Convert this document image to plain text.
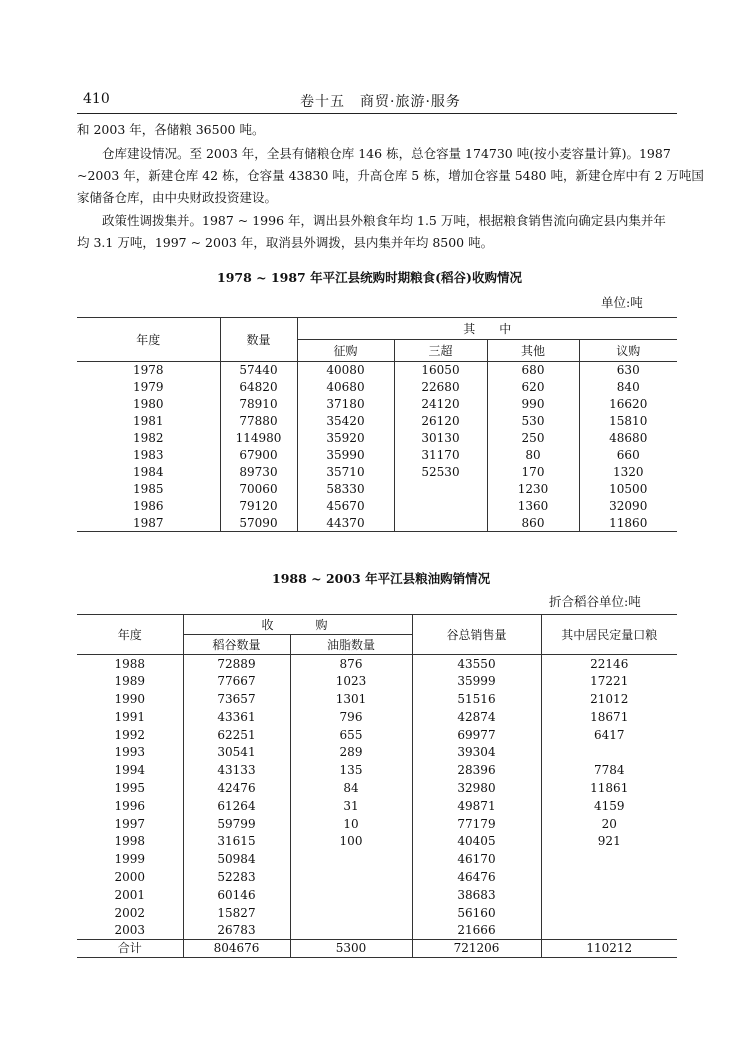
410	卷十五　商贸·旅游·服务
和 2003 年，各储粮 36500 吨。
仓库建设情况。至 2003 年，全县有储粮仓库 146 栋，总仓容量 174730 吨(按小麦容量计算)。1987
~2003 年，新建仓库 42 栋，仓容量 43830 吨，升高仓库 5 栋，增加仓容量 5480 吨，新建仓库中有 2 万吨国
家储备仓库，由中央财政投资建设。
政策性调拨集并。1987 ~ 1996 年，调出县外粮食年均 1.5 万吨，根据粮食销售流向确定县内集并年
均 3.1 万吨，1997 ~ 2003 年，取消县外调拨，县内集并年均 8500 吨。
1978 ~ 1987 年平江县统购时期粮食(稻谷)收购情况
单位:吨
年度	数量	其　　中			
		征购	三超	其他	议购
1978	57440	40080	16050	680	630
1979	64820	40680	22680	620	840
1980	78910	37180	24120	990	16620
1981	77880	35420	26120	530	15810
1982	114980	35920	30130	250	48680
1983	67900	35990	31170	80	660
1984	89730	35710	52530	170	1320
1985	70060	58330		1230	10500
1986	79120	45670		1360	32090
1987	57090	44370		860	11860
1988 ~ 2003 年平江县粮油购销情况
折合稻谷单位:吨
年度	收　　购		谷总销售量	其中居民定量口粮
	稻谷数量	油脂数量		
1988	72889	876	43550	22146
1989	77667	1023	35999	17221
1990	73657	1301	51516	21012
1991	43361	796	42874	18671
1992	62251	655	69977	6417
1993	30541	289	39304	
1994	43133	135	28396	7784
1995	42476	84	32980	11861
1996	61264	31	49871	4159
1997	59799	10	77179	20
1998	31615	100	40405	921
1999	50984		46170	
2000	52283		46476	
2001	60146		38683	
2002	15827		56160	
2003	26783		21666	
合计	804676	5300	721206	110212
